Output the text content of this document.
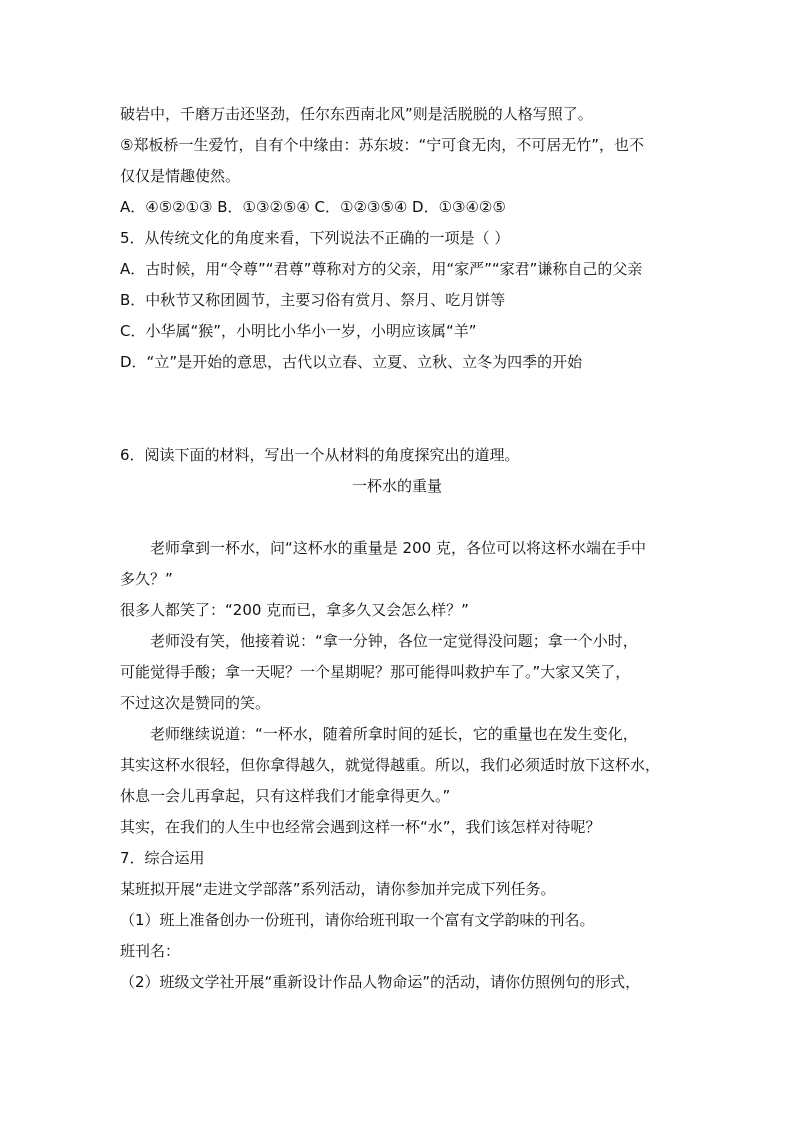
破岩中，千磨万击还坚劲，任尔东西南北风”则是活脱脱的人格写照了。
⑤郑板桥一生爱竹，自有个中缘由：苏东坡：“宁可食无肉，不可居无竹”，也不
仅仅是情趣使然。
A．④⑤②①③ B．①③②⑤④ C．①②③⑤④ D．①③④②⑤
5．从传统文化的角度来看，下列说法不正确的一项是（ ）
A．古时候，用“令尊”“君尊”尊称对方的父亲，用“家严”“家君”谦称自己的父亲
B．中秋节又称团圆节，主要习俗有赏月、祭月、吃月饼等
C．小华属“猴”，小明比小华小一岁，小明应该属“羊”
D．“立”是开始的意思，古代以立春、立夏、立秋、立冬为四季的开始
6．阅读下面的材料，写出一个从材料的角度探究出的道理。
一杯水的重量
老师拿到一杯水，问“这杯水的重量是 200 克，各位可以将这杯水端在手中
多久？”
很多人都笑了：“200 克而已，拿多久又会怎么样？”
老师没有笑，他接着说：“拿一分钟，各位一定觉得没问题；拿一个小时，
可能觉得手酸；拿一天呢？一个星期呢？那可能得叫救护车了。”大家又笑了，
不过这次是赞同的笑。
老师继续说道：“一杯水，随着所拿时间的延长，它的重量也在发生变化，
其实这杯水很轻，但你拿得越久，就觉得越重。所以，我们必须适时放下这杯水，
休息一会儿再拿起，只有这样我们才能拿得更久。”
其实，在我们的人生中也经常会遇到这样一杯“水”，我们该怎样对待呢？
7．综合运用
某班拟开展“走进文学部落”系列活动，请你参加并完成下列任务。
（1）班上准备创办一份班刊，请你给班刊取一个富有文学韵味的刊名。
班刊名：
（2）班级文学社开展“重新设计作品人物命运”的活动，请你仿照例句的形式，
